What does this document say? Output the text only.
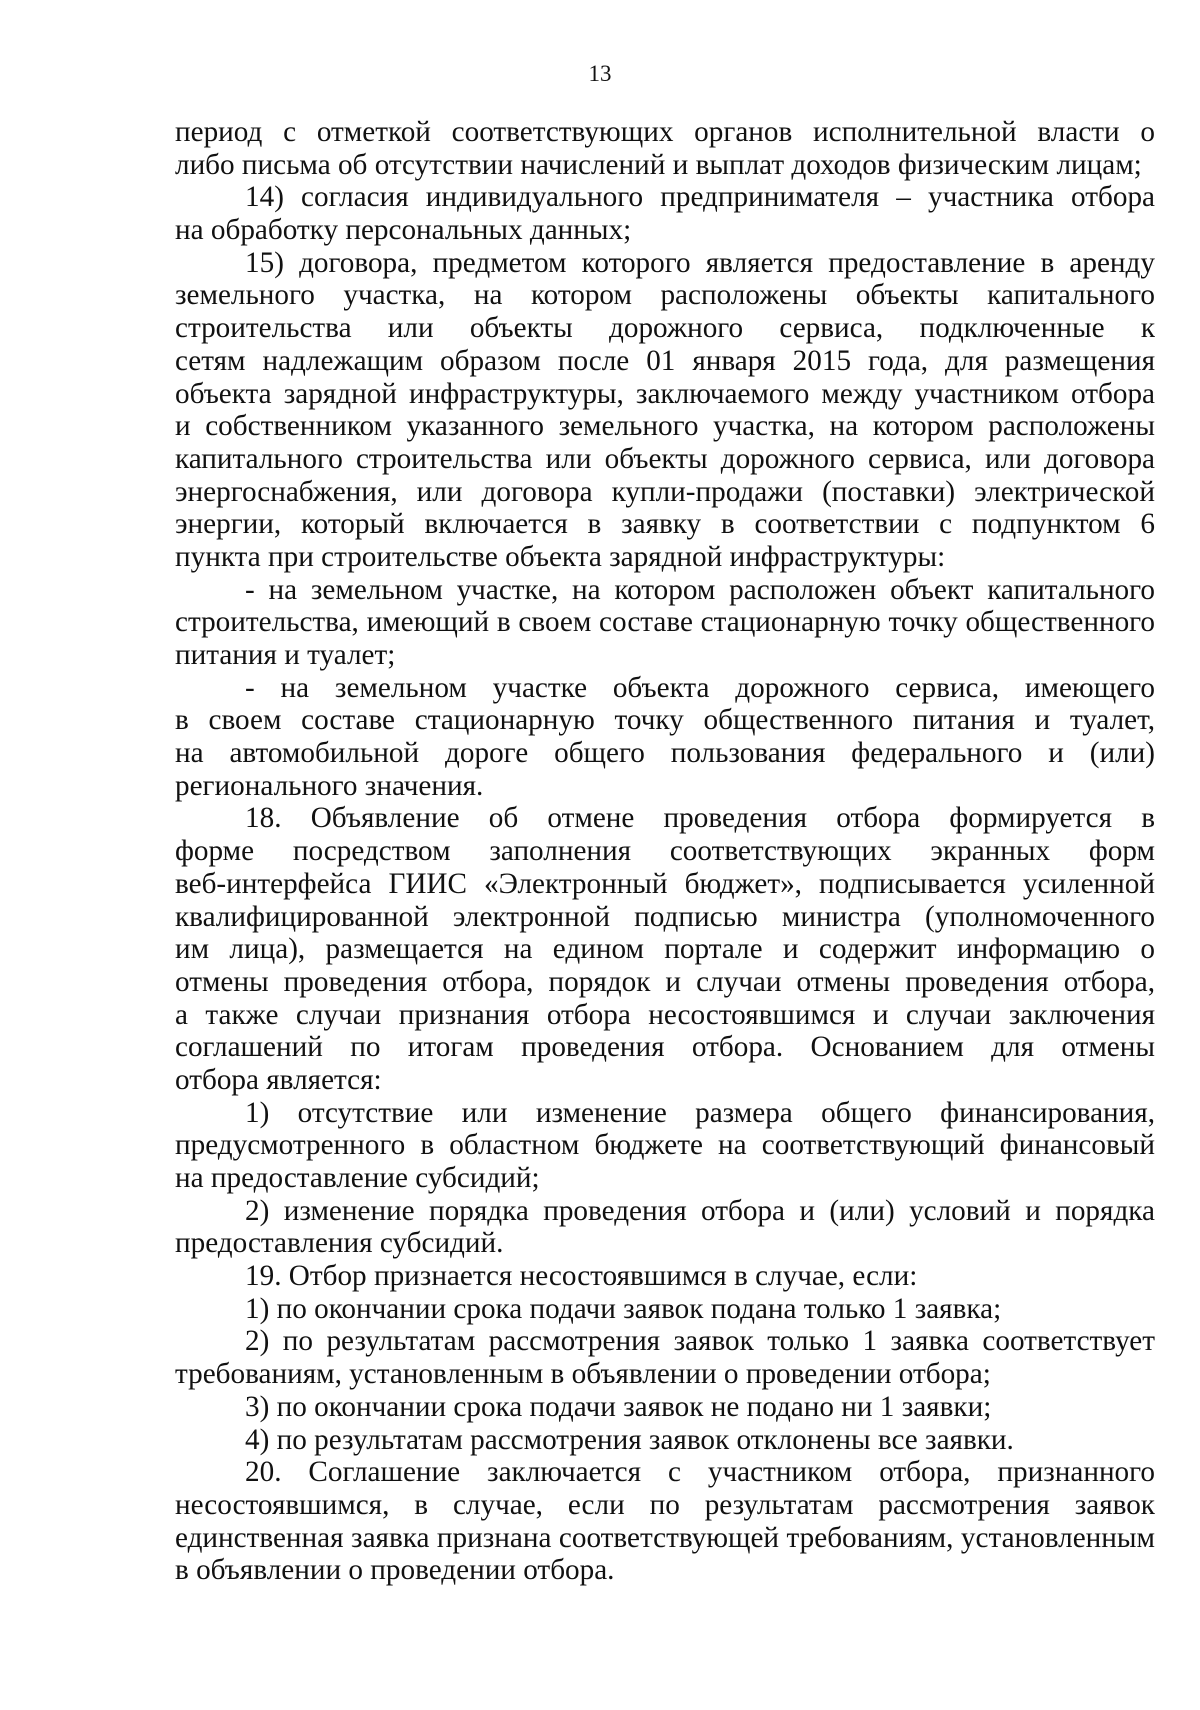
13
период с отметкой соответствующих органов исполнительной власти о
либо письма об отсутствии начислений и выплат доходов физическим лицам;
14) согласия индивидуального предпринимателя – участника отбора
на обработку персональных данных;
15) договора, предметом которого является предоставление в аренду
земельного участка, на котором расположены объекты капитального
строительства или объекты дорожного сервиса, подключенные к
сетям надлежащим образом после 01 января 2015 года, для размещения
объекта зарядной инфраструктуры, заключаемого между участником отбора
и собственником указанного земельного участка, на котором расположены
капитального строительства или объекты дорожного сервиса, или договора
энергоснабжения, или договора купли-продажи (поставки) электрической
энергии, который включается в заявку в соответствии с подпунктом 6
пункта при строительстве объекта зарядной инфраструктуры:
- на земельном участке, на котором расположен объект капитального
строительства, имеющий в своем составе стационарную точку общественного
питания и туалет;
- на земельном участке объекта дорожного сервиса, имеющего
в своем составе стационарную точку общественного питания и туалет,
на автомобильной дороге общего пользования федерального и (или)
регионального значения.
18. Объявление об отмене проведения отбора формируется в
форме посредством заполнения соответствующих экранных форм
веб-интерфейса ГИИС «Электронный бюджет», подписывается усиленной
квалифицированной электронной подписью министра (уполномоченного
им лица), размещается на едином портале и содержит информацию о
отмены проведения отбора, порядок и случаи отмены проведения отбора,
а также случаи признания отбора несостоявшимся и случаи заключения
соглашений по итогам проведения отбора. Основанием для отмены
отбора является:
1) отсутствие или изменение размера общего финансирования,
предусмотренного в областном бюджете на соответствующий финансовый
на предоставление субсидий;
2) изменение порядка проведения отбора и (или) условий и порядка
предоставления субсидий.
19. Отбор признается несостоявшимся в случае, если:
1) по окончании срока подачи заявок подана только 1 заявка;
2) по результатам рассмотрения заявок только 1 заявка соответствует
требованиям, установленным в объявлении о проведении отбора;
3) по окончании срока подачи заявок не подано ни 1 заявки;
4) по результатам рассмотрения заявок отклонены все заявки.
20. Соглашение заключается с участником отбора, признанного
несостоявшимся, в случае, если по результатам рассмотрения заявок
единственная заявка признана соответствующей требованиям, установленным
в объявлении о проведении отбора.
